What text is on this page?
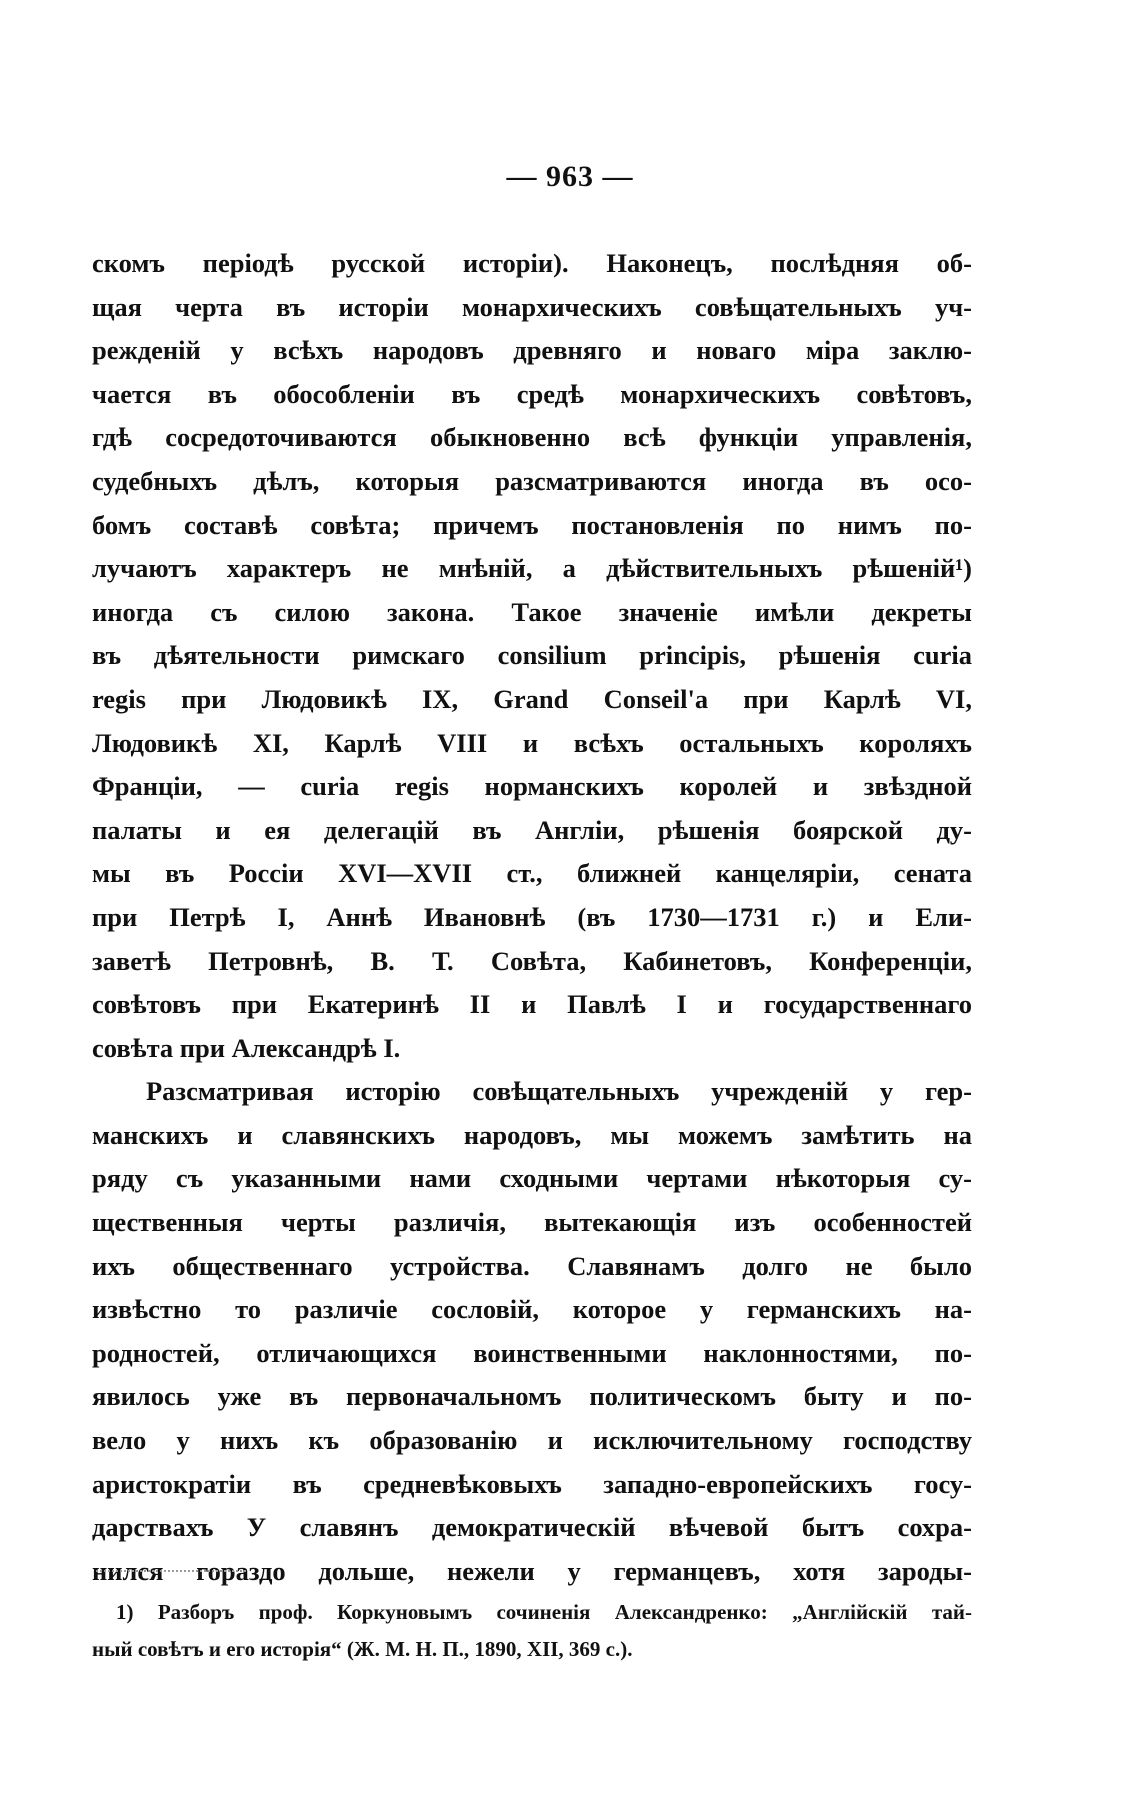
— 963 —
скомъ періодѣ русской исторіи). Наконецъ, послѣдняя об-
щая черта въ исторіи монархическихъ совѣщательныхъ уч-
режденій у всѣхъ народовъ древняго и новаго міра заклю-
чается въ обособленіи въ средѣ монархическихъ совѣтовъ,
гдѣ сосредоточиваются обыкновенно всѣ функціи управленія,
судебныхъ дѣлъ, которыя разсматриваются иногда въ осо-
бомъ составѣ совѣта; причемъ постановленія по нимъ по-
лучаютъ характеръ не мнѣній, а дѣйствительныхъ рѣшеній¹)
иногда съ силою закона. Такое значеніе имѣли декреты
въ дѣятельности римскаго consilium principis, рѣшенія curia
regis при Людовикѣ IX, Grand Conseil'a при Карлѣ VI,
Людовикѣ XI, Карлѣ VIII и всѣхъ остальныхъ короляхъ
Франціи, — curia regis норманскихъ королей и звѣздной
палаты и ея делегацій въ Англіи, рѣшенія боярской ду-
мы въ Россіи XVI—XVII ст., ближней канцеляріи, сената
при Петрѣ I, Аннѣ Ивановнѣ (въ 1730—1731 г.) и Ели-
заветѣ Петровнѣ, В. Т. Совѣта, Кабинетовъ, Конференціи,
совѣтовъ при Екатеринѣ II и Павлѣ I и государственнаго
совѣта при Александрѣ I.
Разсматривая исторію совѣщательныхъ учрежденій у гер-
манскихъ и славянскихъ народовъ, мы можемъ замѣтить на
ряду съ указанными нами сходными чертами нѣкоторыя су-
щественныя черты различія, вытекающія изъ особенностей
ихъ общественнаго устройства. Славянамъ долго не было
извѣстно то различіе сословій, которое у германскихъ на-
родностей, отличающихся воинственными наклонностями, по-
явилось уже въ первоначальномъ политическомъ быту и по-
вело у нихъ къ образованію и исключительному господству
аристократіи въ средневѣковыхъ западно-европейскихъ госу-
дарствахъ У славянъ демократическій вѣчевой бытъ сохра-
нился гораздо дольше, нежели у германцевъ, хотя зароды-
1) Разборъ проф. Коркуновымъ сочиненія Александренко: „Англійскій тай-
ный совѣтъ и его исторія“ (Ж. М. Н. П., 1890, XII, 369 с.).
